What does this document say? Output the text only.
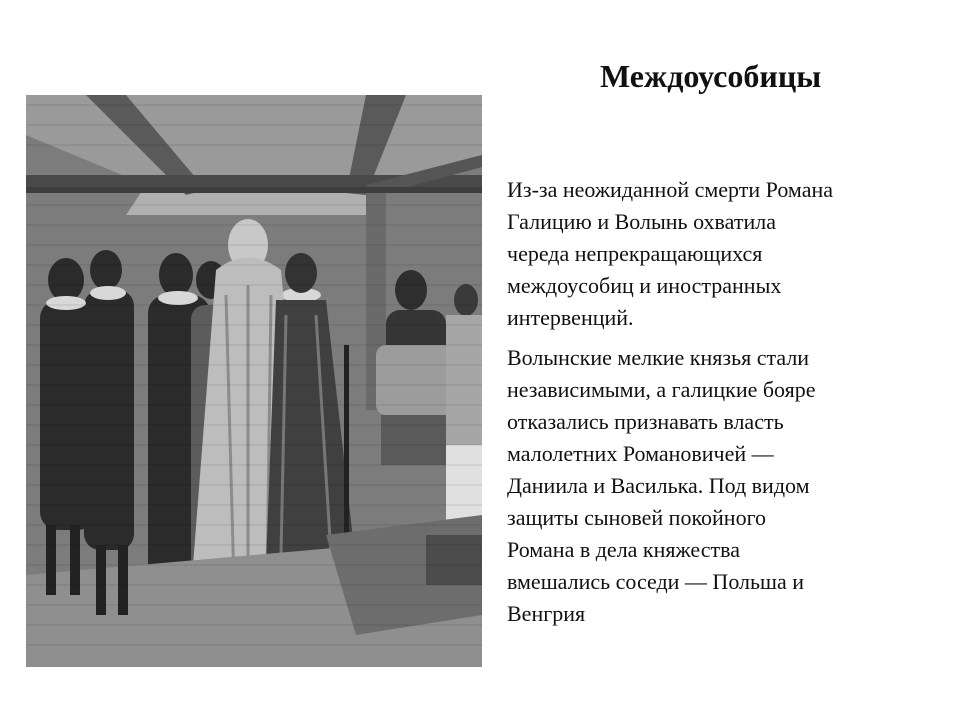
Междоусобицы

Из-за неожиданной смерти Романа
Галицию и Волынь охватила
череда непрекращающихся
междоусобиц и иностранных
интервенций.

Волынские мелкие князья стали
независимыми, а галицкие бояре
отказались признавать власть
малолетних Романовичей —
Даниила и Василька. Под видом
защиты сыновей покойного
Романа в дела княжества
вмешались соседи — Польша и
Венгрия
